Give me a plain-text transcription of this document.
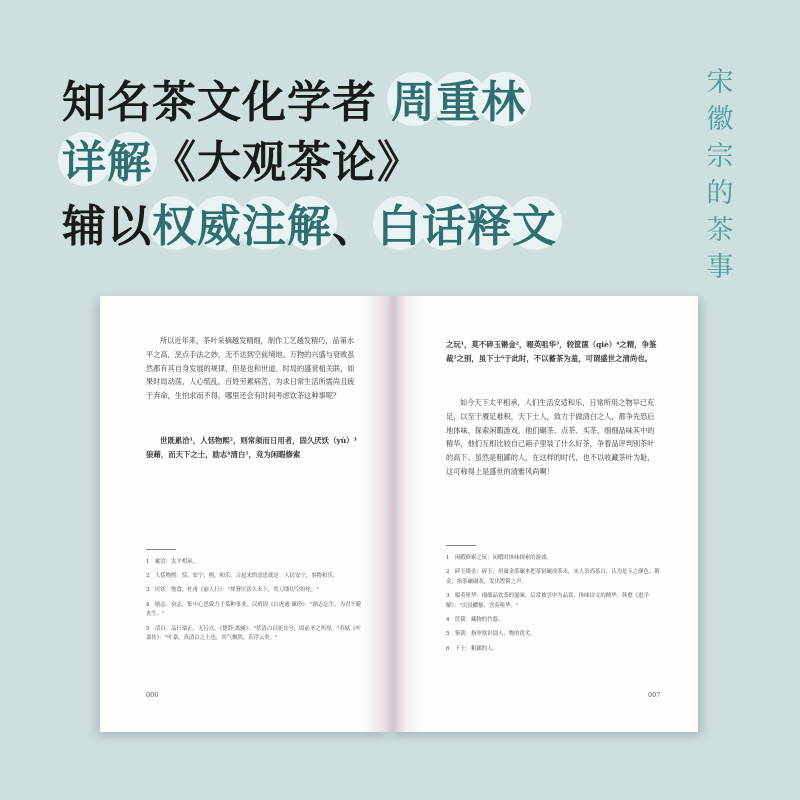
知名茶文化学者 周重林
详解《大观茶论》
辅以权威注解、白话释文
宋
徽
宗
的
茶
事
所以近年来，茶叶采摘越发精细，制作工艺越发精巧，品第水平之高，烹点手法之妙，无不达到空前境地。万物的兴盛与衰败虽然都有其自身发展的规律，但是也和世道、时局的盛衰相关联，如果时局动荡，人心慌乱，百姓劳累病苦，为求日常生活所需尚且疲于奔命，生怕求而不得，哪里还会有时间考虑饮茶这种事呢？
世既累洽¹，人恬物熙²，则常须而日用者，固久厌饫（yù）³狼藉，而天下之士，励志⁴清白⁵，竞为闲暇修索
1　累洽：太平相承。
2　人恬物熙：恬，安宁；熙，和乐。合起来的意思就是：人民安宁，事物和乐。
3　厌饫：饱食。杜甫《丽人行》："犀箸厌饫久未下，鸾刀缕切空纷纶。"
4　励志：奋志，集中心思致力于某种事业。汉班固《白虎通·谏诤》："励志忘生，为君不避丧生。"
5　清白：品行端正，无污点。《楚辞·离骚》："伏清白以死直兮，固前圣之所厚。"苏轼《叶嘉传》："叶嘉，真清白之士也，其气飘然，若浮云矣。"
006
之玩¹，莫不碎玉锵金²，啜英咀华³，较筐箧（qiè）⁴之精，争鉴裁⁵之别，虽下士⁶于此时，不以蓄茶为羞，可谓盛世之清尚也。
如今天下太平相承，人们生活安适和乐，日常所用之物早已充足，以至于餍足难积，天下士人，致力于做清白之人，都争先恐后地体味、探索闲暇游戏，他们碾茶、点茶、买茶，细细品味其中的精华，他们互相比较自己箱子里装了什么好茶，争着品评判别茶叶的高下。虽然是粗鄙的人，在这样的时代，也不以收藏茶叶为耻，这可称得上是盛世的清雅风尚啊！
1　闲暇修索之玩：闲暇时体味探索的游戏。
2　碎玉锵金：碎玉，用寓金茶碾来把茶饼碾成茶末，宋人崇尚茶白，认为是玉之颜色；锵金，指茶碾碾茶，发出铿锵之声。
3　啜英咀华：细细品饮茶的滋味，后常被引申为品赏、体味诗文的精华。韩愈《进学解》："沉浸醲郁，含英咀华。"
4　筐箧：藏物的竹器。
5　鉴裁：指审察识别人、物的优劣。
6　下士：粗鄙的人。
007
